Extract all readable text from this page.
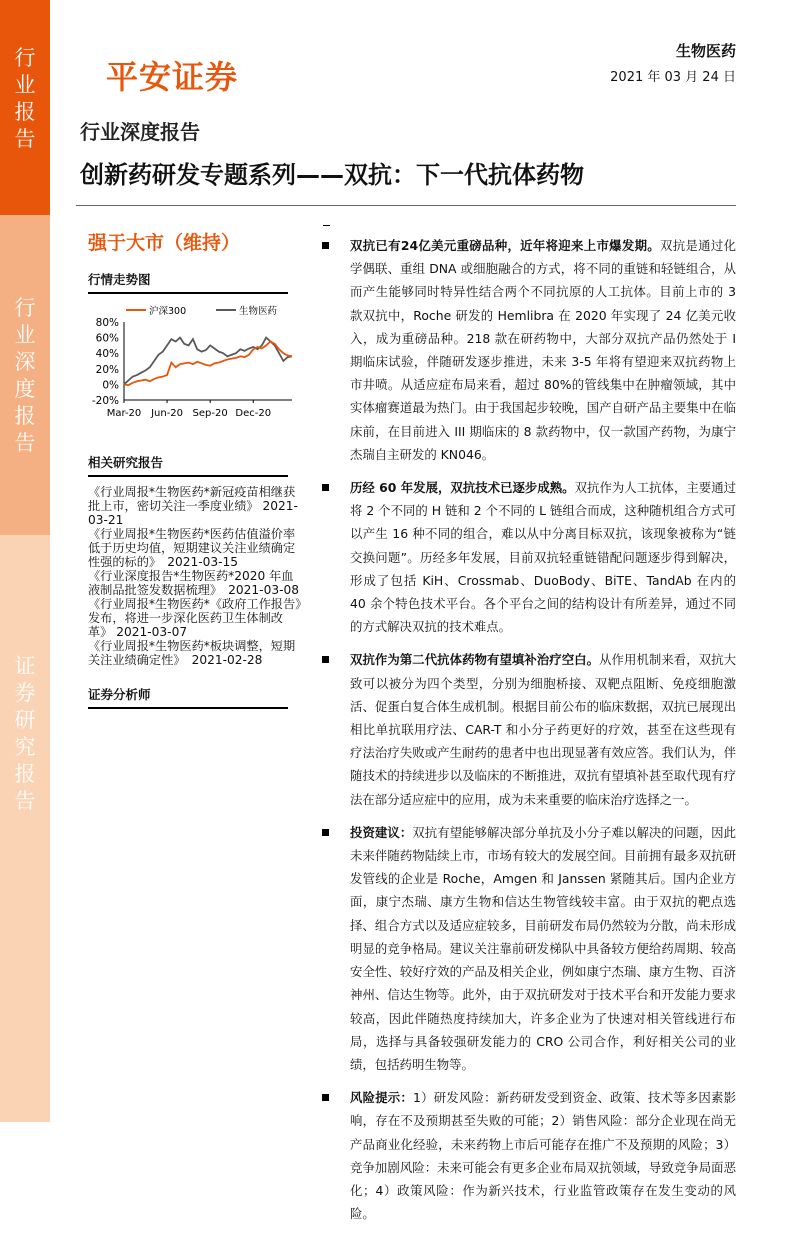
行业报告
行业深度报告
证券研究报告
平安证券
生物医药
2021 年 03 月 24 日
行业深度报告
创新药研发专题系列——双抗：下一代抗体药物
强于大市（维持）
行情走势图
80%
60%
40%
20%
0%
-20%
Mar-20 Jun-20 Sep-20 Dec-20
沪深300	生物医药
相关研究报告
《行业周报*生物医药*新冠疫苗相继获批上市，密切关注一季度业绩》 2021-03-21
《行业周报*生物医药*医药估值溢价率低于历史均值，短期建议关注业绩确定性强的标的》　2021-03-15
《行业深度报告*生物医药*2020 年血液制品批签发数据梳理》　2021-03-08
《行业周报*生物医药*《政府工作报告》发布，将进一步深化医药卫生体制改革》 2021-03-07
《行业周报*生物医药*板块调整，短期关注业绩确定性》　2021-02-28
证券分析师
双抗已有24亿美元重磅品种，近年将迎来上市爆发期。双抗是通过化学偶联、重组 DNA 或细胞融合的方式，将不同的重链和轻链组合，从而产生能够同时特异性结合两个不同抗原的人工抗体。目前上市的 3 款双抗中，Roche 研发的 Hemlibra 在 2020 年实现了 24 亿美元收入，成为重磅品种。218 款在研药物中，大部分双抗产品仍然处于 I 期临床试验，伴随研发逐步推进，未来 3-5 年将有望迎来双抗药物上市井喷。从适应症布局来看，超过 80%的管线集中在肿瘤领域，其中实体瘤赛道最为热门。由于我国起步较晚，国产自研产品主要集中在临床前，在目前进入 III 期临床的 8 款药物中，仅一款国产药物，为康宁杰瑞自主研发的 KN046。
历经 60 年发展，双抗技术已逐步成熟。双抗作为人工抗体，主要通过将 2 个不同的 H 链和 2 个不同的 L 链组合而成，这种随机组合方式可以产生 16 种不同的组合，难以从中分离目标双抗，该现象被称为“链交换问题”。历经多年发展，目前双抗轻重链错配问题逐步得到解决，形成了包括 KiH、Crossmab、DuoBody、BiTE、TandAb 在内的 40 余个特色技术平台。各个平台之间的结构设计有所差异，通过不同的方式解决双抗的技术难点。
双抗作为第二代抗体药物有望填补治疗空白。从作用机制来看，双抗大致可以被分为四个类型，分别为细胞桥接、双靶点阻断、免疫细胞激活、促蛋白复合体生成机制。根据目前公布的临床数据，双抗已展现出相比单抗联用疗法、CAR-T 和小分子药更好的疗效，甚至在这些现有疗法治疗失败或产生耐药的患者中也出现显著有效应答。我们认为，伴随技术的持续进步以及临床的不断推进，双抗有望填补甚至取代现有疗法在部分适应症中的应用，成为未来重要的临床治疗选择之一。
投资建议：双抗有望能够解决部分单抗及小分子难以解决的问题，因此未来伴随药物陆续上市，市场有较大的发展空间。目前拥有最多双抗研发管线的企业是 Roche，Amgen 和 Janssen 紧随其后。国内企业方面，康宁杰瑞、康方生物和信达生物管线较丰富。由于双抗的靶点选择、组合方式以及适应症较多，目前研发布局仍然较为分散，尚未形成明显的竞争格局。建议关注靠前研发梯队中具备较方便给药周期、较高安全性、较好疗效的产品及相关企业，例如康宁杰瑞、康方生物、百济神州、信达生物等。此外，由于双抗研发对于技术平台和开发能力要求较高，因此伴随热度持续加大，许多企业为了快速对相关管线进行布局，选择与具备较强研发能力的 CRO 公司合作，利好相关公司的业绩，包括药明生物等。
风险提示：1）研发风险：新药研发受到资金、政策、技术等多因素影响，存在不及预期甚至失败的可能；2）销售风险：部分企业现在尚无产品商业化经验，未来药物上市后可能存在推广不及预期的风险；3）竞争加剧风险：未来可能会有更多企业布局双抗领域，导致竞争局面恶化；4）政策风险：作为新兴技术，行业监管政策存在发生变动的风险。
